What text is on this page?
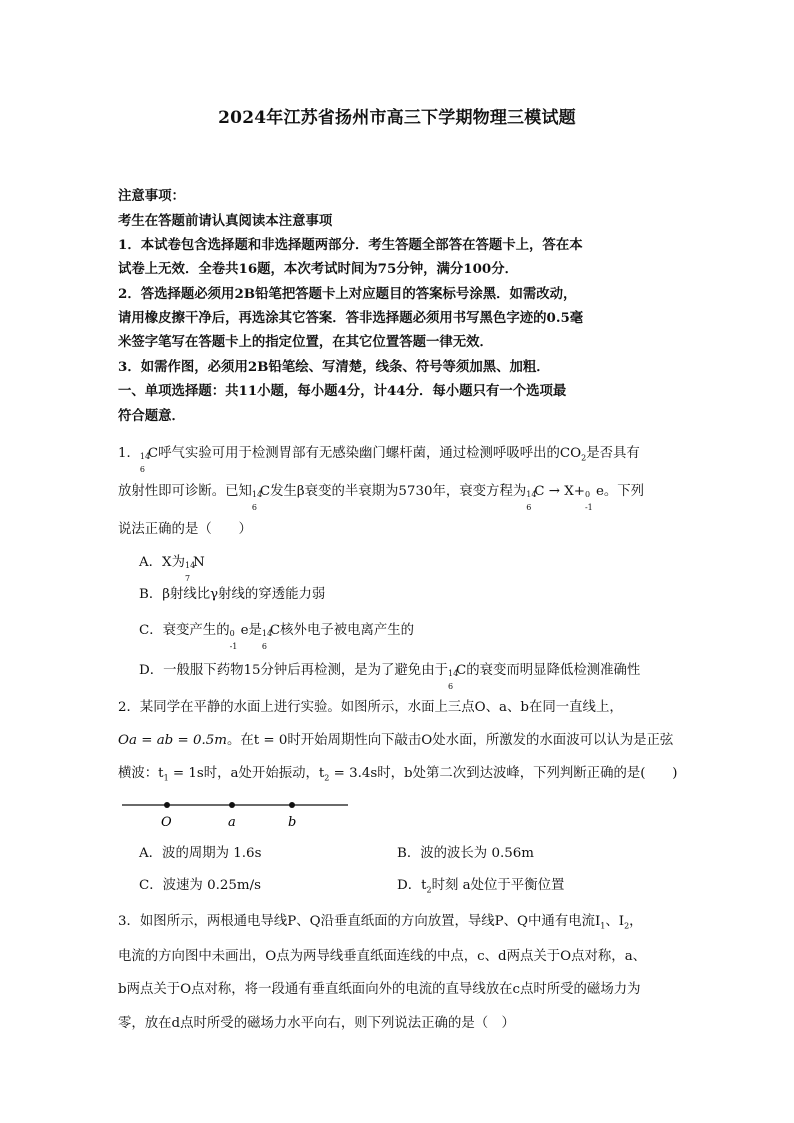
2024年江苏省扬州市高三下学期物理三模试题
注意事项：
考生在答题前请认真阅读本注意事项
1．本试卷包含选择题和非选择题两部分．考生答题全部答在答题卡上，答在本
试卷上无效．全卷共16题，本次考试时间为75分钟，满分100分．
2．答选择题必须用2B铅笔把答题卡上对应题目的答案标号涂黑．如需改动，
请用橡皮擦干净后，再选涂其它答案．答非选择题必须用书写黑色字迹的0.5毫
米签字笔写在答题卡上的指定位置，在其它位置答题一律无效．
3．如需作图，必须用2B铅笔绘、写清楚，线条、符号等须加黑、加粗．
一、单项选择题：共11小题，每小题4分，计44分．每小题只有一个选项最
符合题意．
1． 14
6
C呼气实验可用于检测胃部有无感染幽门螺杆菌，通过检测呼吸呼出的$CO_2$是否具有
放射性即可诊断。已知 14
6
C发生β衰变的半衰期为5730年，衰变方程为 14
6
C → X+ 0
-1
e。下列
说法正确的是（　　）
A．X为 14
7
N
B．β射线比γ射线的穿透能力弱
C．衰变产生的 0
-1
e是 14
6
C核外电子被电离产生的
D．一般服下药物15分钟后再检测，是为了避免由于 14
6
C的衰变而明显降低检测准确性
2．某同学在平静的水面上进行实验。如图所示，水面上三点O、a、b在同一直线上，
Oa = ab = 0.5m。在t = 0时开始周期性向下敲击O处水面，所激发的水面波可以认为是正弦
横波：$t_1 = 1s$时，a处开始振动，$t_2 = 3.4s$时，b处第二次到达波峰，下列判断正确的是(　　)
O	a	b
A．波的周期为 1.6s	B．波的波长为 0.56m
C．波速为 0.25m/s	D．$t_2$时刻 a处位于平衡位置
3．如图所示，两根通电导线P、Q沿垂直纸面的方向放置，导线P、Q中通有电流$I_1$、$I_2$，
电流的方向图中未画出，O点为两导线垂直纸面连线的中点，c、d两点关于O点对称，a、
b两点关于O点对称，将一段通有垂直纸面向外的电流的直导线放在c点时所受的磁场力为
零，放在d点时所受的磁场力水平向右，则下列说法正确的是（　）
